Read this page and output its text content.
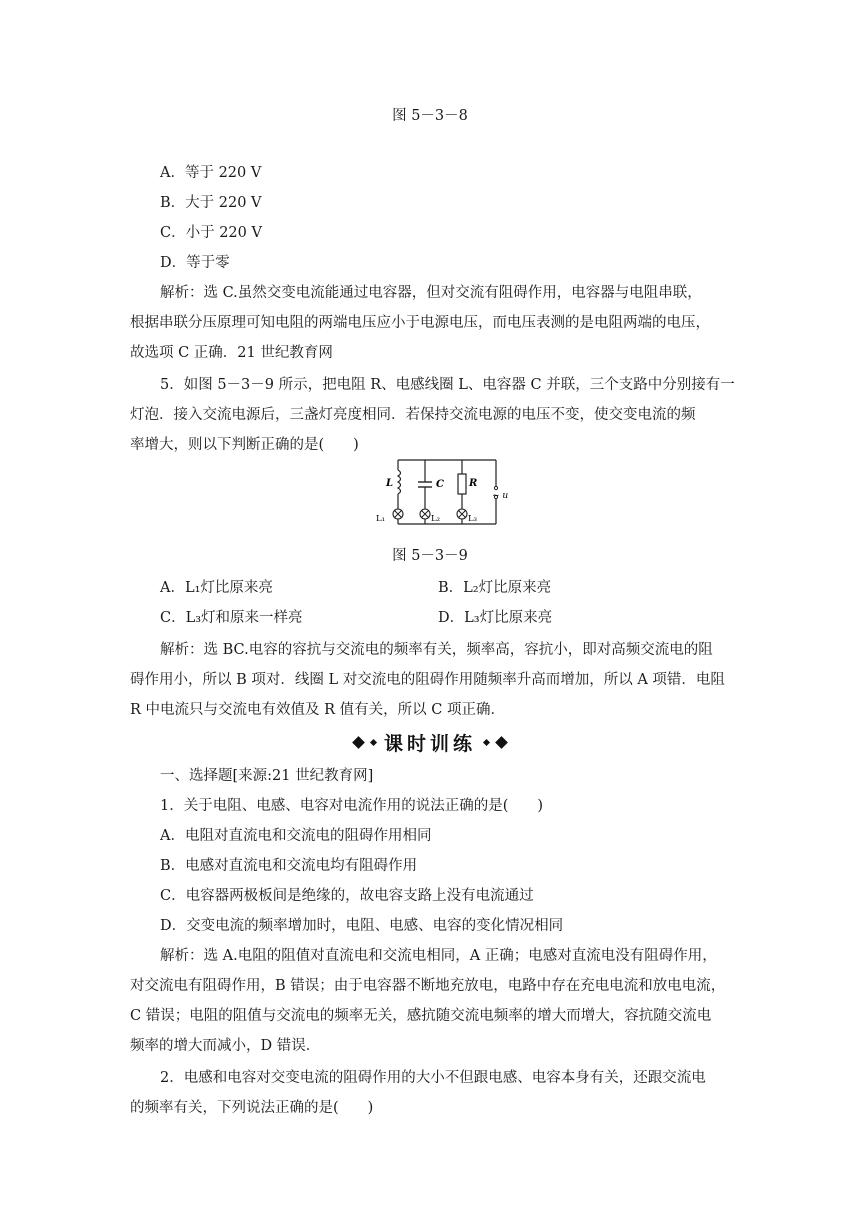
图 5－3－8
A．等于 220 V
B．大于 220 V
C．小于 220 V
D．等于零
解析：选 C.虽然交变电流能通过电容器，但对交流有阻碍作用，电容器与电阻串联，
根据串联分压原理可知电阻的两端电压应小于电源电压，而电压表测的是电阻两端的电压，
故选项 C 正确．21 世纪教育网
5．如图 5－3－9 所示，把电阻 R、电感线圈 L、电容器 C 并联，三个支路中分别接有一
灯泡．接入交流电源后，三盏灯亮度相同．若保持交流电源的电压不变，使交变电流的频
率增大，则以下判断正确的是(　　)
L	C	R
~ u
L₁	L₂	L₃
图 5－3－9
A．L₁灯比原来亮	B．L₂灯比原来亮
C．L₃灯和原来一样亮	D．L₃灯比原来亮
解析：选 BC.电容的容抗与交流电的频率有关，频率高，容抗小，即对高频交流电的阻
碍作用小，所以 B 项对．线圈 L 对交流电的阻碍作用随频率升高而增加，所以 A 项错．电阻
R 中电流只与交流电有效值及 R 值有关，所以 C 项正确．
课时训练
一、选择题[来源:21 世纪教育网]
1．关于电阻、电感、电容对电流作用的说法正确的是(　　)
A．电阻对直流电和交流电的阻碍作用相同
B．电感对直流电和交流电均有阻碍作用
C．电容器两极板间是绝缘的，故电容支路上没有电流通过
D．交变电流的频率增加时，电阻、电感、电容的变化情况相同
解析：选 A.电阻的阻值对直流电和交流电相同，A 正确；电感对直流电没有阻碍作用，
对交流电有阻碍作用，B 错误；由于电容器不断地充放电，电路中存在充电电流和放电电流，
C 错误；电阻的阻值与交流电的频率无关，感抗随交流电频率的增大而增大，容抗随交流电
频率的增大而减小，D 错误．
2．电感和电容对交变电流的阻碍作用的大小不但跟电感、电容本身有关，还跟交流电
的频率有关，下列说法正确的是(　　)
